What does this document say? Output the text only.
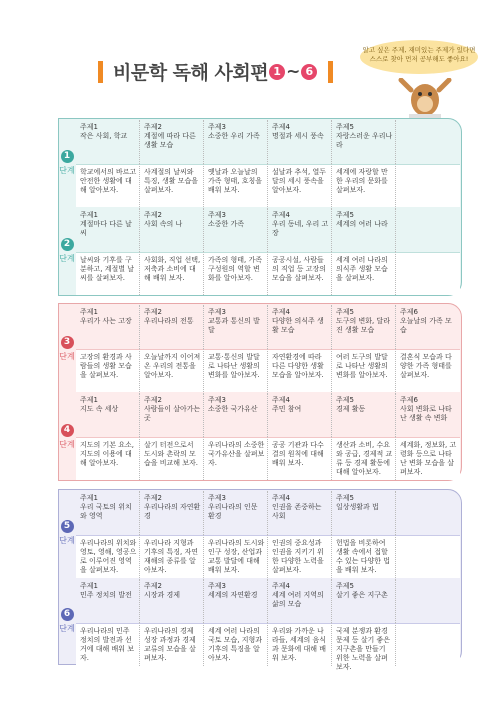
비문학 독해 사회편 1 ~ 6
알고 싶은 주제, 재미있는 주제가 있다면
스스로 찾아 먼저 공부해도 좋아요!
1
단계
2
단계
3
단계
4
단계
5
단계
6
단계
주제1
작은 사회, 학교
주제2
계절에 따라 다른 생활 모습
주제3
소중한 우리 가족
주제4
명절과 세시 풍속
주제5
자랑스러운 우리나라
학교에서의 바르고 안전한 생활에 대해 알아보자.
사계절의 날씨와 특징, 생활 모습을 살펴보자.
옛날과 오늘날의 가족 형태, 호칭을 배워 보자.
설날과 추석, 열두 달의 세시 풍속을 알아보자.
세계에 자랑할 만한 우리의 문화를 살펴보자.
주제1
계절마다 다른 날씨
주제2
사회 속의 나
주제3
소중한 가족
주제4
우리 동네, 우리 고장
주제5
세계의 여러 나라
날씨와 기후를 구분하고, 계절별 날씨를 살펴보자.
사회화, 직업 선택, 저축과 소비에 대해 배워 보자.
가족의 형태, 가족 구성원의 역할 변화를 알아보자.
공공시설, 사람들의 직업 등 고장의 모습을 살펴보자.
세계 여러 나라의 의식주 생활 모습을 살펴보자.
주제1
우리가 사는 고장
주제2
우리나라의 전통
주제3
교통과 통신의 발달
주제4
다양한 의식주 생활 모습
주제5
도구의 변화, 달라진 생활 모습
주제6
오늘날의 가족 모습
고장의 환경과 사람들의 생활 모습을 살펴보자.
오늘날까지 이어져 온 우리의 전통을 알아보자.
교통·통신의 발달로 나타난 생활의 변화를 알아보자.
자연환경에 따라 다른 다양한 생활 모습을 알아보자.
여러 도구의 발달로 나타난 생활의 변화를 알아보자.
결혼식 모습과 다양한 가족 형태를 살펴보자.
주제1
지도 속 세상
주제2
사람들이 살아가는 곳
주제3
소중한 국가유산
주제4
주민 참여
주제5
경제 활동
주제6
사회 변화로 나타난 생활 속 변화
지도의 기본 요소, 지도의 이용에 대해 알아보자.
살기 터전으로서 도시와 촌락의 모습을 비교해 보자.
우리나라의 소중한 국가유산을 살펴보자.
공공 기관과 다수결의 원칙에 대해 배워 보자.
생산과 소비, 수요와 공급, 경제적 교류 등 경제 활동에 대해 알아보자.
세계화, 정보화, 고령화 등으로 나타난 변화 모습을 살펴보자.
주제1
우리 국토의 위치와 영역
주제2
우리나라의 자연환경
주제3
우리나라의 인문 환경
주제4
인권을 존중하는 사회
주제5
일상생활과 법
우리나라의 위치와 영토, 영해, 영공으로 이루어진 영역을 살펴보자.
우리나라 지형과 기후의 특징, 자연재해의 종류를 알아보자.
우리나라의 도시와 인구 성장, 산업과 교통 발달에 대해 배워 보자.
인권의 중요성과 인권을 지키기 위한 다양한 노력을 살펴보자.
헌법을 비롯하여 생활 속에서 접할 수 있는 다양한 법을 배워 보자.
주제1
민주 정치의 발전
주제2
시장과 경제
주제3
세계의 자연환경
주제4
세계 여러 지역의 삶의 모습
주제5
살기 좋은 지구촌
우리나라의 민주 정치의 발전과 선거에 대해 배워 보자.
우리나라의 경제 성장 과정과 경제 교류의 모습을 살펴보자.
세계 여러 나라의 국토 모습, 지형과 기후의 특징을 알아보자.
우리와 가까운 나라들, 세계의 음식과 문화에 대해 배워 보자.
국제 분쟁과 환경 문제 등 살기 좋은 지구촌을 만들기 위한 노력을 살펴보자.
